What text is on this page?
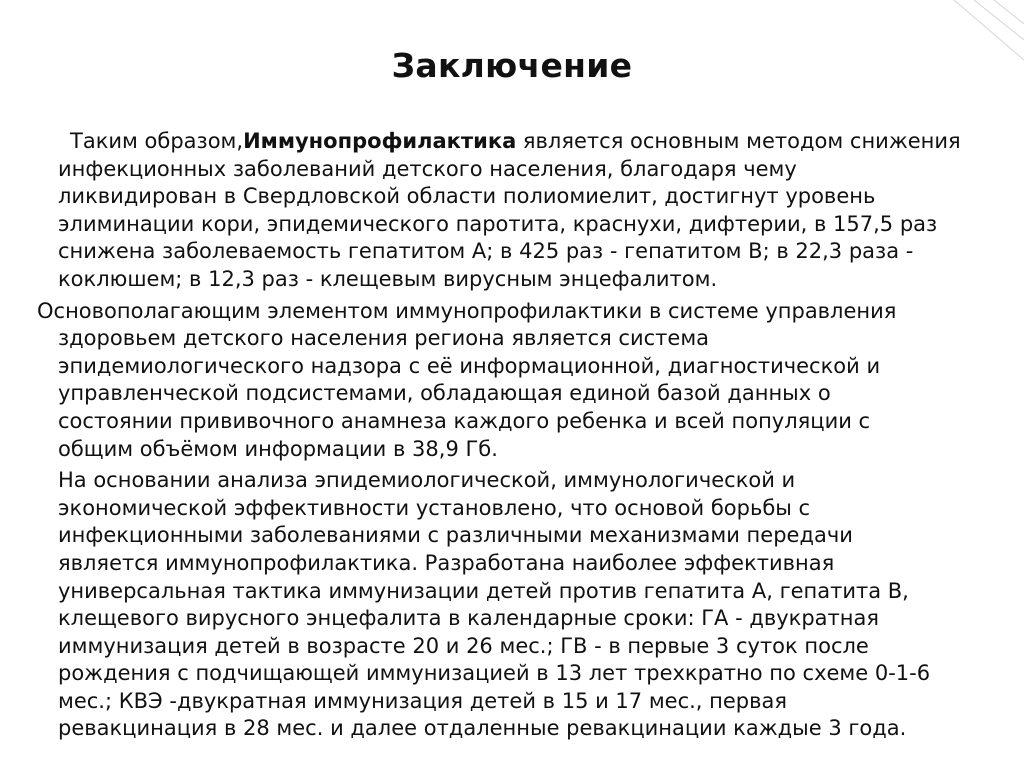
Заключение

Таким образом,Иммунопрофилактика является основным методом снижения
инфекционных заболеваний детского населения, благодаря чему
ликвидирован в Свердловской области полиомиелит, достигнут уровень
элиминации кори, эпидемического паротита, краснухи, дифтерии, в 157,5 раз
снижена заболеваемость гепатитом А; в 425 раз - гепатитом В; в 22,3 раза -
коклюшем; в 12,3 раз - клещевым вирусным энцефалитом.

Основополагающим элементом иммунопрофилактики в системе управления
здоровьем детского населения региона является система
эпидемиологического надзора с её информационной, диагностической и
управленческой подсистемами, обладающая единой базой данных о
состоянии прививочного анамнеза каждого ребенка и всей популяции с
общим объёмом информации в 38,9 Гб.

На основании анализа эпидемиологической, иммунологической и
экономической эффективности установлено, что основой борьбы с
инфекционными заболеваниями с различными механизмами передачи
является иммунопрофилактика. Разработана наиболее эффективная
универсальная тактика иммунизации детей против гепатита А, гепатита В,
клещевого вирусного энцефалита в календарные сроки: ГА - двукратная
иммунизация детей в возрасте 20 и 26 мес.; ГВ - в первые 3 суток после
рождения с подчищающей иммунизацией в 13 лет трехкратно по схеме 0-1-6
мес.; КВЭ -двукратная иммунизация детей в 15 и 17 мес., первая
ревакцинация в 28 мес. и далее отдаленные ревакцинации каждые 3 года.
